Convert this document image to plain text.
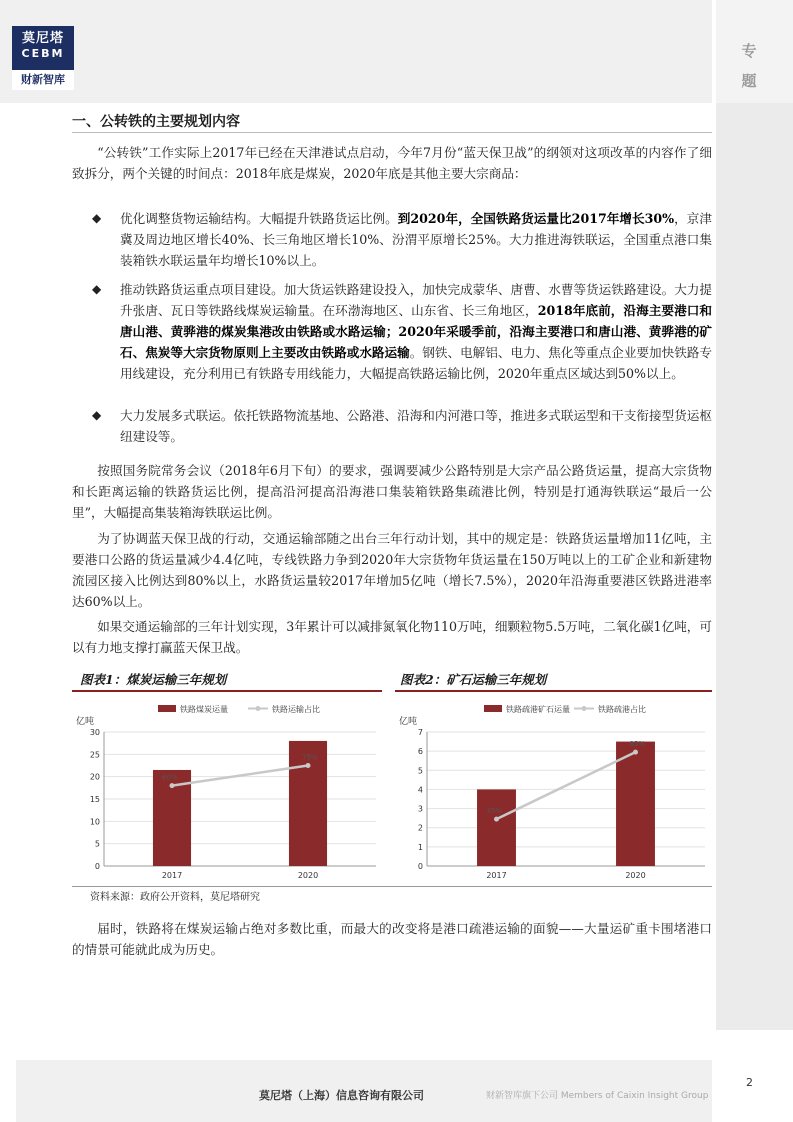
莫尼塔
CEBM
财新智库
专题
一、公转铁的主要规划内容
“公转铁”工作实际上2017年已经在天津港试点启动，今年7月份“蓝天保卫战”的纲领对这项改革的内容作了细致拆分，两个关键的时间点：2018年底是煤炭，2020年底是其他主要大宗商品：
◆ 优化调整货物运输结构。大幅提升铁路货运比例。到2020年，全国铁路货运量比2017年增长30%，京津冀及周边地区增长40%、长三角地区增长10%、汾渭平原增长25%。大力推进海铁联运，全国重点港口集装箱铁水联运量年均增长10%以上。
◆ 推动铁路货运重点项目建设。加大货运铁路建设投入，加快完成蒙华、唐曹、水曹等货运铁路建设。大力提升张唐、瓦日等铁路线煤炭运输量。在环渤海地区、山东省、长三角地区，2018年底前，沿海主要港口和唐山港、黄骅港的煤炭集港改由铁路或水路运输；2020年采暖季前，沿海主要港口和唐山港、黄骅港的矿石、焦炭等大宗货物原则上主要改由铁路或水路运输。钢铁、电解铝、电力、焦化等重点企业要加快铁路专用线建设，充分利用已有铁路专用线能力，大幅提高铁路运输比例，2020年重点区域达到50%以上。
◆ 大力发展多式联运。依托铁路物流基地、公路港、沿海和内河港口等，推进多式联运型和干支衔接型货运枢纽建设等。
按照国务院常务会议（2018年6月下旬）的要求，强调要减少公路特别是大宗产品公路货运量，提高大宗货物和长距离运输的铁路货运比例，提高沿河提高沿海港口集装箱铁路集疏港比例，特别是打通海铁联运“最后一公里”，大幅提高集装箱海铁联运比例。
为了协调蓝天保卫战的行动，交通运输部随之出台三年行动计划，其中的规定是：铁路货运量增加11亿吨，主要港口公路的货运量减少4.4亿吨，专线铁路力争到2020年大宗货物年货运量在150万吨以上的工矿企业和新建物流园区接入比例达到80%以上，水路货运量较2017年增加5亿吨（增长7.5%），2020年沿海重要港区铁路进港率达60%以上。
如果交通运输部的三年计划实现，3年累计可以减排氮氧化物110万吨，细颗粒物5.5万吨，二氧化碳1亿吨，可以有力地支撑打赢蓝天保卫战。
图表1：煤炭运输三年规划	图表2：矿石运输三年规划
亿吨
铁路煤炭运量	铁路运输占比
0
5
10
15
20
25
30
2017	2020
60%
75%
亿吨
铁路疏港矿石运量	铁路疏港占比
0
1
2
3
4
5
6
7
2017	2020
35%
85%
资料来源：政府公开资料，莫尼塔研究
届时，铁路将在煤炭运输占绝对多数比重，而最大的改变将是港口疏港运输的面貌——大量运矿重卡围堵港口的情景可能就此成为历史。
莫尼塔（上海）信息咨询有限公司	财新智库旗下公司 Members of Caixin Insight Group
2
